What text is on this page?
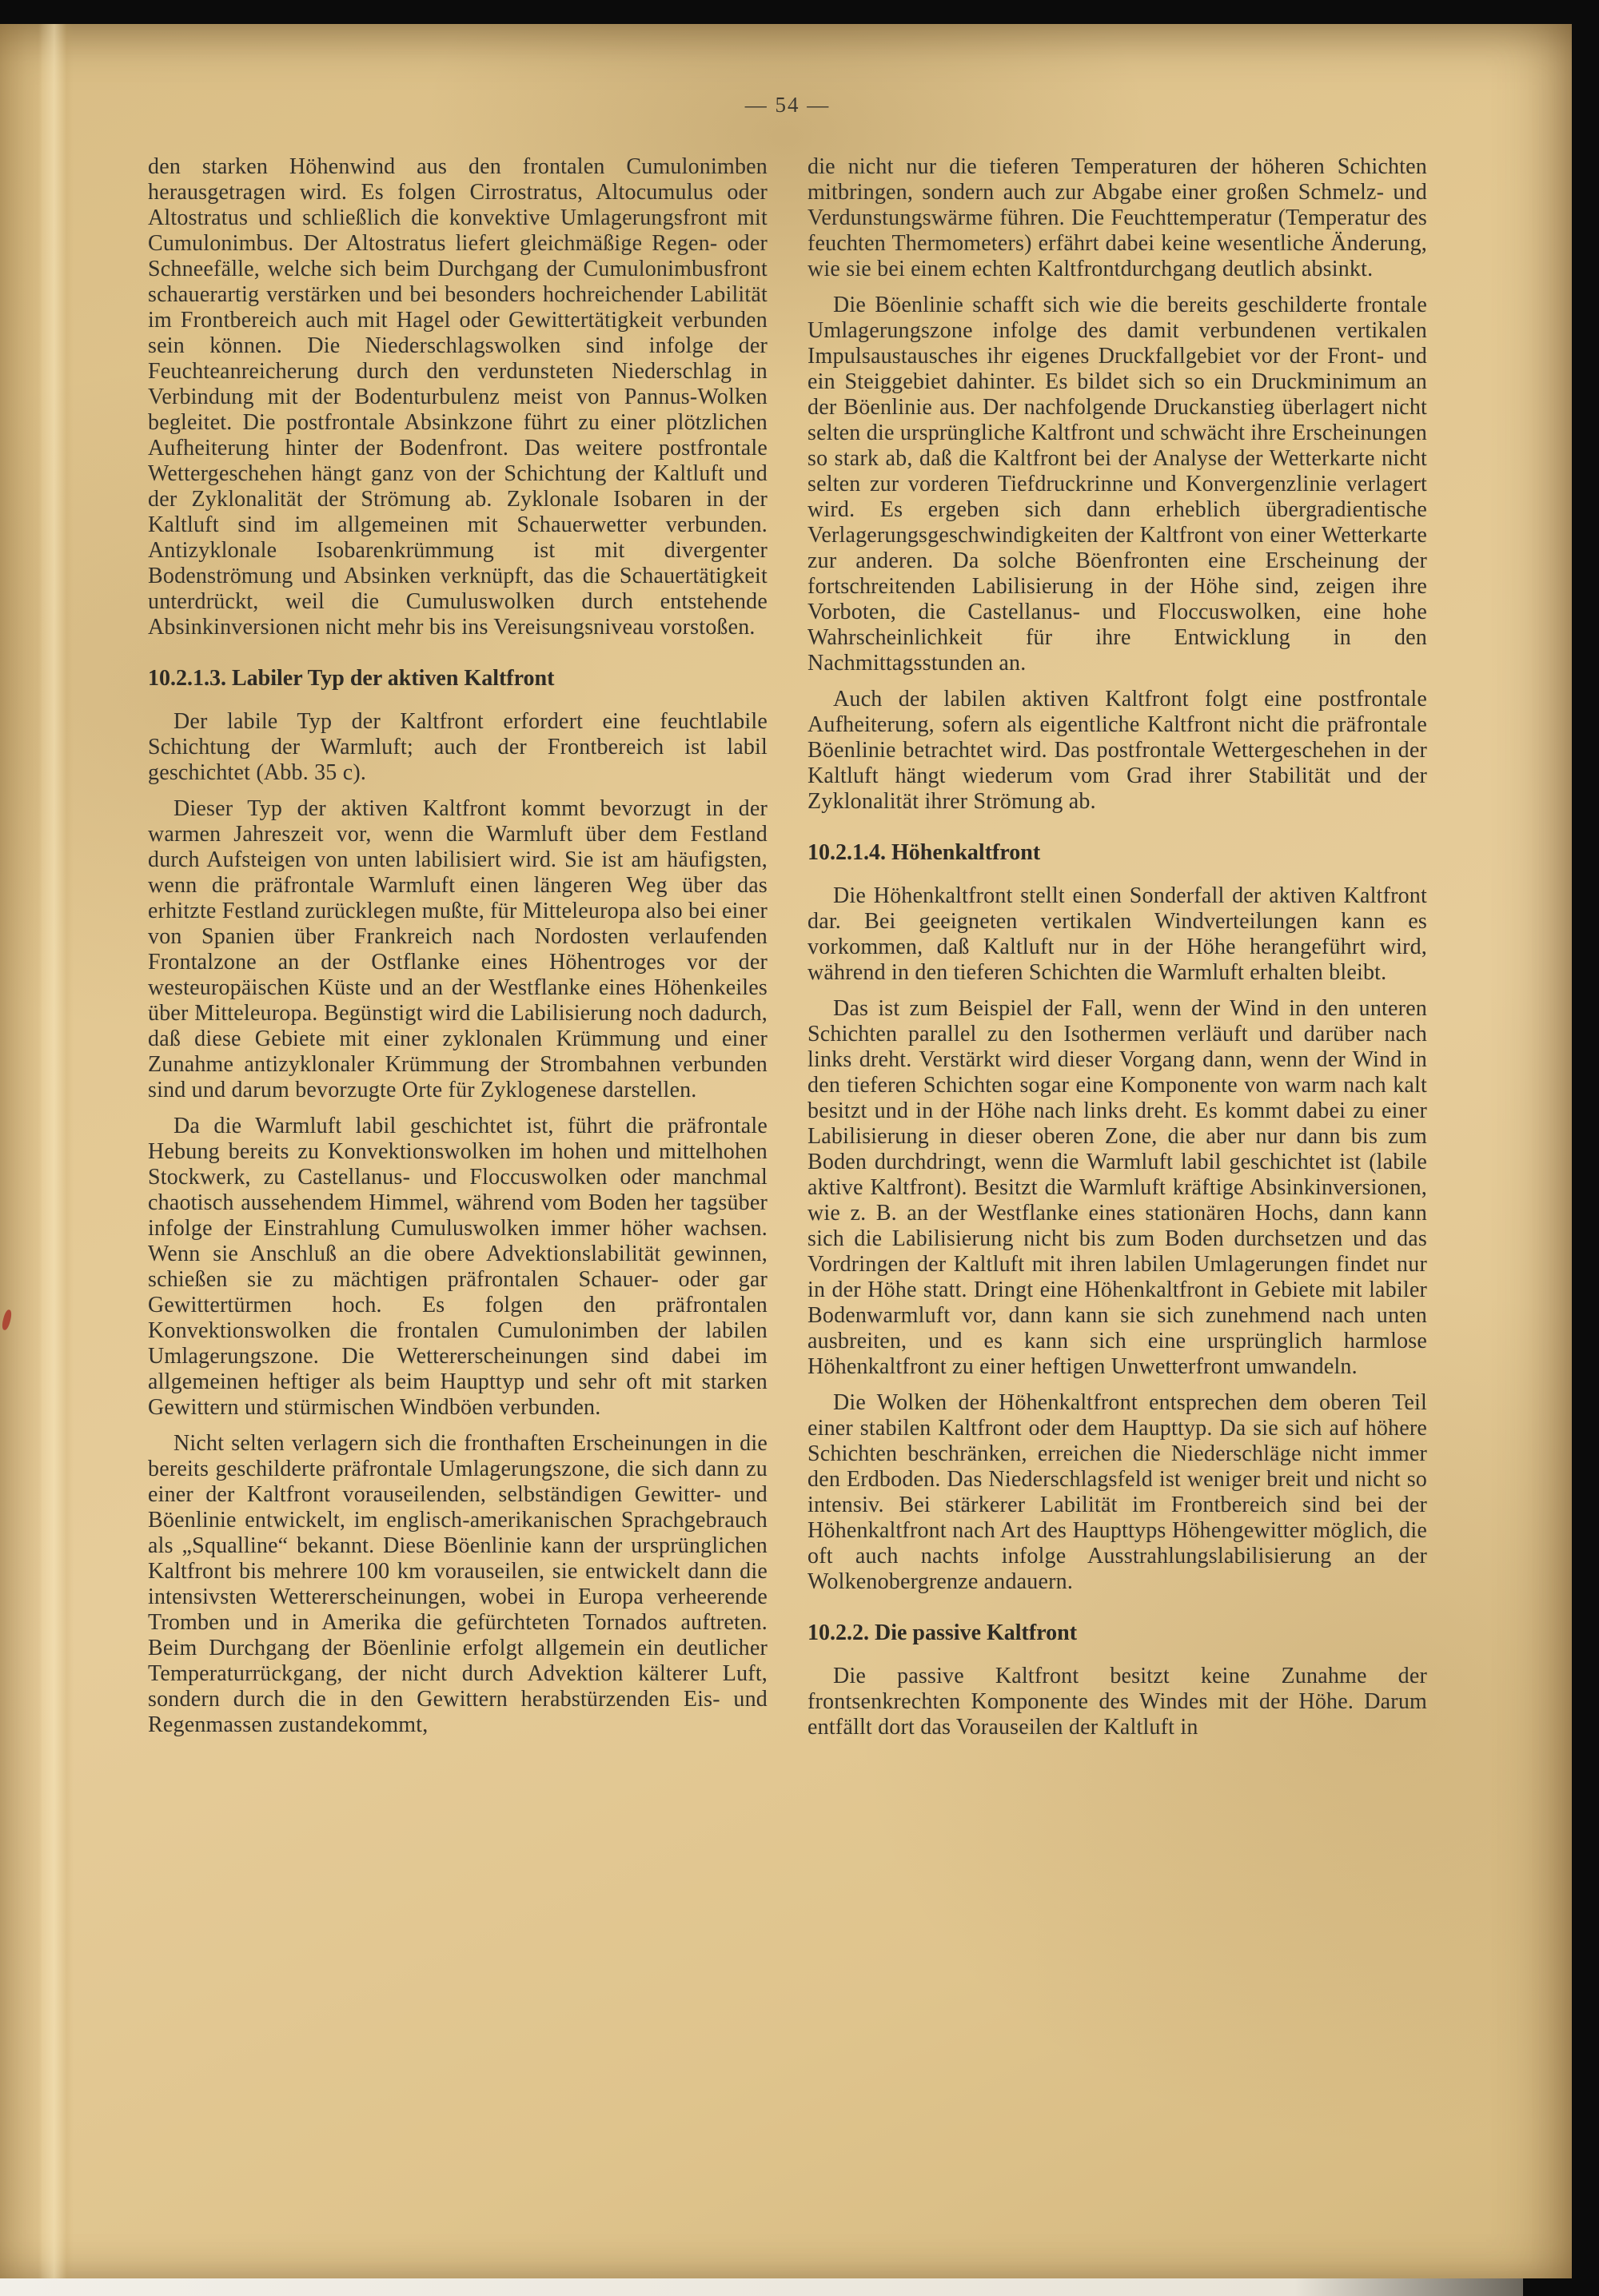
— 54 —

den starken Höhenwind aus den frontalen Cumulonimben herausgetragen wird. Es folgen Cirrostratus, Altocumulus oder Altostratus und schließlich die konvektive Umlagerungsfront mit Cumulonimbus. Der Altostratus liefert gleichmäßige Regen- oder Schneefälle, welche sich beim Durchgang der Cumulonimbusfront schauerartig verstärken und bei besonders hochreichender Labilität im Frontbereich auch mit Hagel oder Gewittertätigkeit verbunden sein können. Die Niederschlagswolken sind infolge der Feuchteanreicherung durch den verdunsteten Niederschlag in Verbindung mit der Bodenturbulenz meist von Pannus-Wolken begleitet. Die postfrontale Absinkzone führt zu einer plötzlichen Aufheiterung hinter der Bodenfront. Das weitere postfrontale Wettergeschehen hängt ganz von der Schichtung der Kaltluft und der Zyklonalität der Strömung ab. Zyklonale Isobaren in der Kaltluft sind im allgemeinen mit Schauerwetter verbunden. Antizyklonale Isobarenkrümmung ist mit divergenter Bodenströmung und Absinken verknüpft, das die Schauertätigkeit unterdrückt, weil die Cumuluswolken durch entstehende Absinkinversionen nicht mehr bis ins Vereisungsniveau vorstoßen.

10.2.1.3. Labiler Typ der aktiven Kaltfront

Der labile Typ der Kaltfront erfordert eine feuchtlabile Schichtung der Warmluft; auch der Frontbereich ist labil geschichtet (Abb. 35 c).

Dieser Typ der aktiven Kaltfront kommt bevorzugt in der warmen Jahreszeit vor, wenn die Warmluft über dem Festland durch Aufsteigen von unten labilisiert wird. Sie ist am häufigsten, wenn die präfrontale Warmluft einen längeren Weg über das erhitzte Festland zurücklegen mußte, für Mitteleuropa also bei einer von Spanien über Frankreich nach Nordosten verlaufenden Frontalzone an der Ostflanke eines Höhentroges vor der westeuropäischen Küste und an der Westflanke eines Höhenkeiles über Mitteleuropa. Begünstigt wird die Labilisierung noch dadurch, daß diese Gebiete mit einer zyklonalen Krümmung und einer Zunahme antizyklonaler Krümmung der Strombahnen verbunden sind und darum bevorzugte Orte für Zyklogenese darstellen.

Da die Warmluft labil geschichtet ist, führt die präfrontale Hebung bereits zu Konvektionswolken im hohen und mittelhohen Stockwerk, zu Castellanus- und Floccuswolken oder manchmal chaotisch aussehendem Himmel, während vom Boden her tagsüber infolge der Einstrahlung Cumuluswolken immer höher wachsen. Wenn sie Anschluß an die obere Advektionslabilität gewinnen, schießen sie zu mächtigen präfrontalen Schauer- oder gar Gewittertürmen hoch. Es folgen den präfrontalen Konvektionswolken die frontalen Cumulonimben der labilen Umlagerungszone. Die Wettererscheinungen sind dabei im allgemeinen heftiger als beim Haupttyp und sehr oft mit starken Gewittern und stürmischen Windböen verbunden.

Nicht selten verlagern sich die fronthaften Erscheinungen in die bereits geschilderte präfrontale Umlagerungszone, die sich dann zu einer der Kaltfront vorauseilenden, selbständigen Gewitter- und Böenlinie entwickelt, im englisch-amerikanischen Sprachgebrauch als „Squalline“ bekannt. Diese Böenlinie kann der ursprünglichen Kaltfront bis mehrere 100 km vorauseilen, sie entwickelt dann die intensivsten Wettererscheinungen, wobei in Europa verheerende Tromben und in Amerika die gefürchteten Tornados auftreten. Beim Durchgang der Böenlinie erfolgt allgemein ein deutlicher Temperaturrückgang, der nicht durch Advektion kälterer Luft, sondern durch die in den Gewittern herabstürzenden Eis- und Regenmassen zustandekommt,

die nicht nur die tieferen Temperaturen der höheren Schichten mitbringen, sondern auch zur Abgabe einer großen Schmelz- und Verdunstungswärme führen. Die Feuchttemperatur (Temperatur des feuchten Thermometers) erfährt dabei keine wesentliche Änderung, wie sie bei einem echten Kaltfrontdurchgang deutlich absinkt.

Die Böenlinie schafft sich wie die bereits geschilderte frontale Umlagerungszone infolge des damit verbundenen vertikalen Impulsaustausches ihr eigenes Druckfallgebiet vor der Front- und ein Steiggebiet dahinter. Es bildet sich so ein Druckminimum an der Böenlinie aus. Der nachfolgende Druckanstieg überlagert nicht selten die ursprüngliche Kaltfront und schwächt ihre Erscheinungen so stark ab, daß die Kaltfront bei der Analyse der Wetterkarte nicht selten zur vorderen Tiefdruckrinne und Konvergenzlinie verlagert wird. Es ergeben sich dann erheblich übergradientische Verlagerungsgeschwindigkeiten der Kaltfront von einer Wetterkarte zur anderen. Da solche Böenfronten eine Erscheinung der fortschreitenden Labilisierung in der Höhe sind, zeigen ihre Vorboten, die Castellanus- und Floccuswolken, eine hohe Wahrscheinlichkeit für ihre Entwicklung in den Nachmittagsstunden an.

Auch der labilen aktiven Kaltfront folgt eine postfrontale Aufheiterung, sofern als eigentliche Kaltfront nicht die präfrontale Böenlinie betrachtet wird. Das postfrontale Wettergeschehen in der Kaltluft hängt wiederum vom Grad ihrer Stabilität und der Zyklonalität ihrer Strömung ab.

10.2.1.4. Höhenkaltfront

Die Höhenkaltfront stellt einen Sonderfall der aktiven Kaltfront dar. Bei geeigneten vertikalen Windverteilungen kann es vorkommen, daß Kaltluft nur in der Höhe herangeführt wird, während in den tieferen Schichten die Warmluft erhalten bleibt.

Das ist zum Beispiel der Fall, wenn der Wind in den unteren Schichten parallel zu den Isothermen verläuft und darüber nach links dreht. Verstärkt wird dieser Vorgang dann, wenn der Wind in den tieferen Schichten sogar eine Komponente von warm nach kalt besitzt und in der Höhe nach links dreht. Es kommt dabei zu einer Labilisierung in dieser oberen Zone, die aber nur dann bis zum Boden durchdringt, wenn die Warmluft labil geschichtet ist (labile aktive Kaltfront). Besitzt die Warmluft kräftige Absinkinversionen, wie z. B. an der Westflanke eines stationären Hochs, dann kann sich die Labilisierung nicht bis zum Boden durchsetzen und das Vordringen der Kaltluft mit ihren labilen Umlagerungen findet nur in der Höhe statt. Dringt eine Höhenkaltfront in Gebiete mit labiler Bodenwarmluft vor, dann kann sie sich zunehmend nach unten ausbreiten, und es kann sich eine ursprünglich harmlose Höhenkaltfront zu einer heftigen Unwetterfront umwandeln.

Die Wolken der Höhenkaltfront entsprechen dem oberen Teil einer stabilen Kaltfront oder dem Haupttyp. Da sie sich auf höhere Schichten beschränken, erreichen die Niederschläge nicht immer den Erdboden. Das Niederschlagsfeld ist weniger breit und nicht so intensiv. Bei stärkerer Labilität im Frontbereich sind bei der Höhenkaltfront nach Art des Haupttyps Höhengewitter möglich, die oft auch nachts infolge Ausstrahlungslabilisierung an der Wolkenobergrenze andauern.

10.2.2. Die passive Kaltfront

Die passive Kaltfront besitzt keine Zunahme der frontsenkrechten Komponente des Windes mit der Höhe. Darum entfällt dort das Vorauseilen der Kaltluft in
